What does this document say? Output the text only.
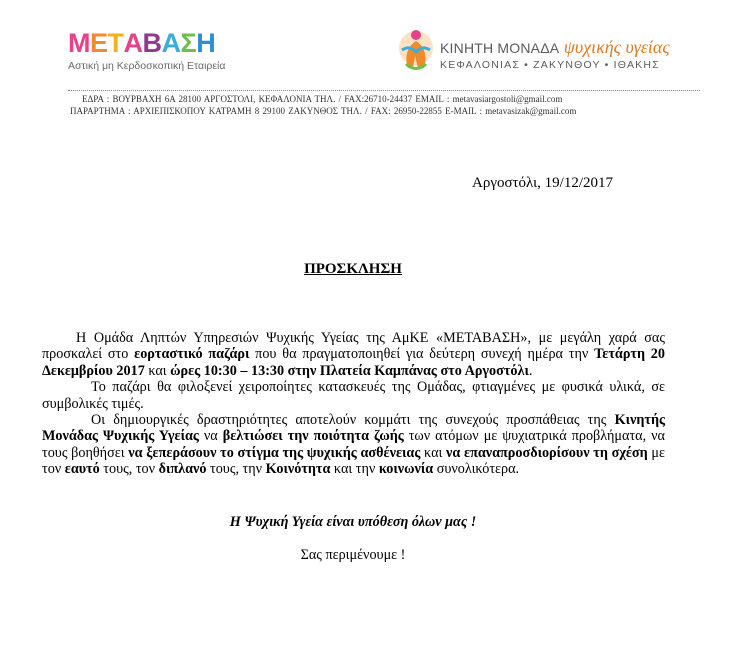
ΜΕΤΑΒΑΣΗ
Αστική μη Κερδοσκοπική Εταιρεία
ΚΙΝΗΤΗ ΜΟΝΑΔΑ ψυχικής υγείας
ΚΕΦΑΛΟΝΙΑΣ • ΖΑΚΥΝΘΟΥ • ΙΘΑΚΗΣ
ΕΔΡΑ : ΒΟΥΡΒΑΧΗ 6Α 28100 ΑΡΓΟΣΤΟΛΙ, ΚΕΦΑΛΟΝΙΑ ΤΗΛ. / FAX:26710-24437 EMAIL : metavasiargostoli@gmail.com
ΠΑΡΑΡΤΗΜΑ : ΑΡΧΙΕΠΙΣΚΟΠΟΥ ΚΑΤΡΑΜΗ 8 29100 ΖΑΚΥΝΘΟΣ ΤΗΛ. / FAX: 26950-22855 E-MAIL : metavasizak@gmail.com
Αργοστόλι, 19/12/2017
ΠΡΟΣΚΛΗΣΗ

Η Ομάδα Ληπτών Υπηρεσιών Ψυχικής Υγείας της ΑμΚΕ «ΜΕΤΑΒΑΣΗ», με μεγάλη χαρά σας προσκαλεί στο εορταστικό παζάρι που θα πραγματοποιηθεί για δεύτερη συνεχή ημέρα την Τετάρτη 20 Δεκεμβρίου 2017 και ώρες 10:30 – 13:30 στην Πλατεία Καμπάνας στο Αργοστόλι.

Το παζάρι θα φιλοξενεί χειροποίητες κατασκευές της Ομάδας, φτιαγμένες με φυσικά υλικά, σε συμβολικές τιμές.

Οι δημιουργικές δραστηριότητες αποτελούν κομμάτι της συνεχούς προσπάθειας της Κινητής Μονάδας Ψυχικής Υγείας να βελτιώσει την ποιότητα ζωής των ατόμων με ψυχιατρικά προβλήματα, να τους βοηθήσει να ξεπεράσουν το στίγμα της ψυχικής ασθένειας και να επαναπροσδιορίσουν τη σχέση με τον εαυτό τους, τον διπλανό τους, την Κοινότητα και την κοινωνία συνολικότερα.

Η Ψυχική Υγεία είναι υπόθεση όλων μας !
Σας περιμένουμε !
